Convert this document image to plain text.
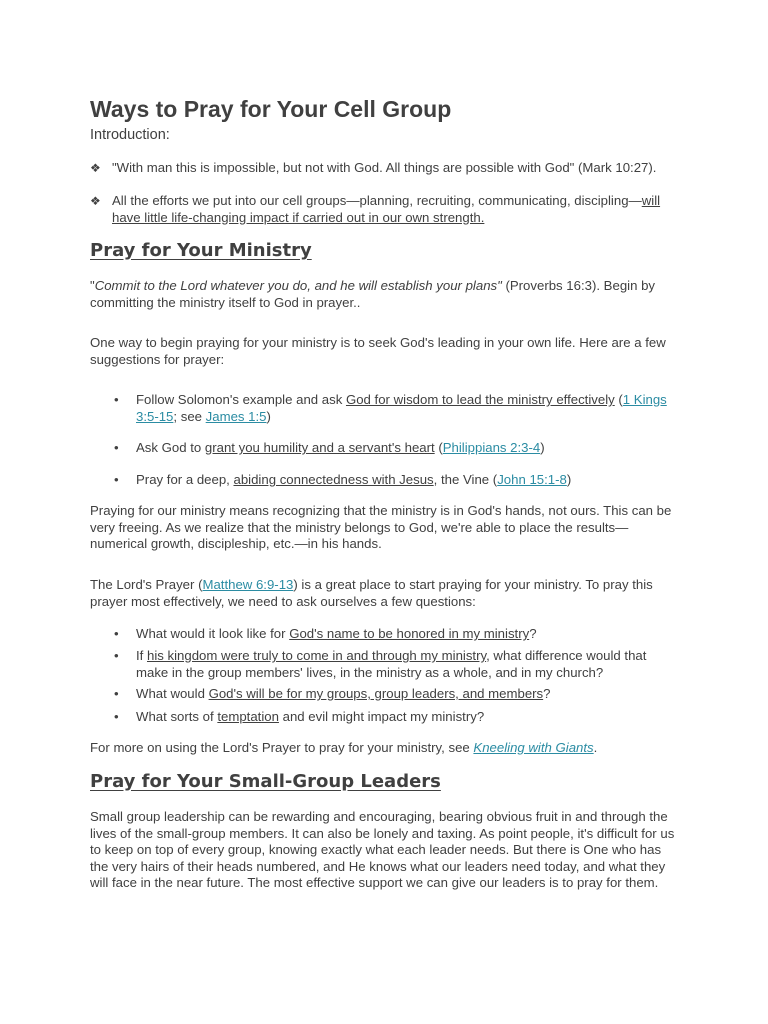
Ways to Pray for Your Cell Group

Introduction:

❖ "With man this is impossible, but not with God. All things are possible with God" (Mark 10:27).
❖ All the efforts we put into our cell groups—planning, recruiting, communicating, discipling—will have little life-changing impact if carried out in our own strength.
Pray for Your Ministry

"Commit to the Lord whatever you do, and he will establish your plans" (Proverbs 16:3). Begin by committing the ministry itself to God in prayer..

One way to begin praying for your ministry is to seek God's leading in your own life. Here are a few suggestions for prayer:

• Follow Solomon's example and ask God for wisdom to lead the ministry effectively (1 Kings 3:5-15; see James 1:5)
• Ask God to grant you humility and a servant's heart (Philippians 2:3-4)
• Pray for a deep, abiding connectedness with Jesus, the Vine (John 15:1-8)

Praying for our ministry means recognizing that the ministry is in God's hands, not ours. This can be very freeing. As we realize that the ministry belongs to God, we're able to place the results—numerical growth, discipleship, etc.—in his hands.

The Lord's Prayer (Matthew 6:9-13) is a great place to start praying for your ministry. To pray this prayer most effectively, we need to ask ourselves a few questions:

• What would it look like for God's name to be honored in my ministry?
• If his kingdom were truly to come in and through my ministry, what difference would that make in the group members' lives, in the ministry as a whole, and in my church?
• What would God's will be for my groups, group leaders, and members?
• What sorts of temptation and evil might impact my ministry?

For more on using the Lord's Prayer to pray for your ministry, see Kneeling with Giants.

Pray for Your Small-Group Leaders

Small group leadership can be rewarding and encouraging, bearing obvious fruit in and through the lives of the small-group members. It can also be lonely and taxing. As point people, it's difficult for us to keep on top of every group, knowing exactly what each leader needs. But there is One who has the very hairs of their heads numbered, and He knows what our leaders need today, and what they will face in the near future. The most effective support we can give our leaders is to pray for them.
